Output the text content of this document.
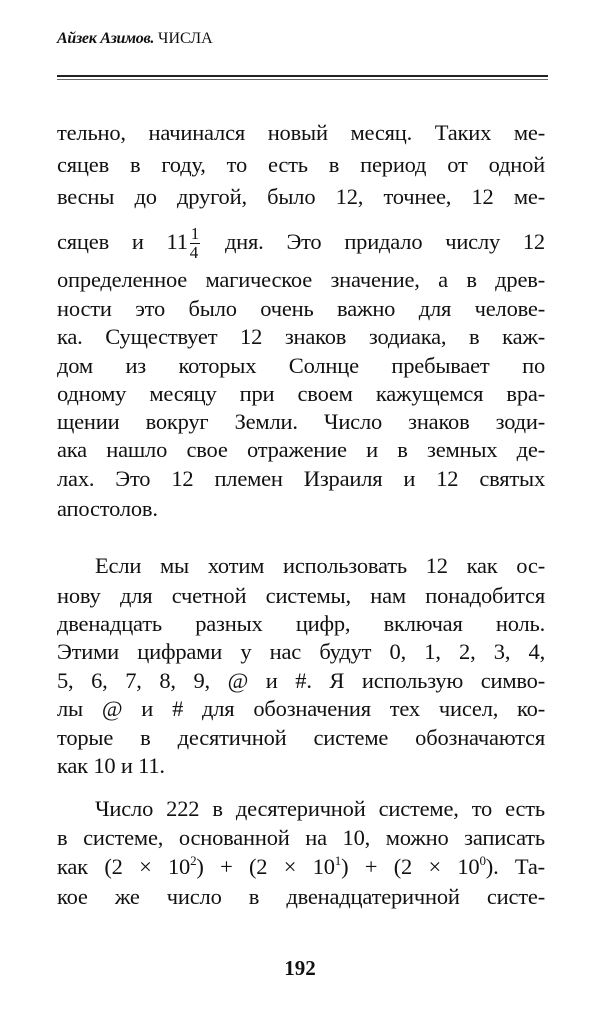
Айзек Азимов. ЧИСЛА
тельно, начинался новый месяц. Таких ме-
сяцев в году, то есть в период от одной
весны до другой, было 12, точнее, 12 ме-
сяцев и $11 \frac{1}{4}$ дня. Это придало числу 12
определенное магическое значение, а в древ-
ности это было очень важно для челове-
ка. Существует 12 знаков зодиака, в каж-
дом из которых Солнце пребывает по
одному месяцу при своем кажущемся вра-
щении вокруг Земли. Число знаков зоди-
ака нашло свое отражение и в земных де-
лах. Это 12 племен Израиля и 12 святых
апостолов.
Если мы хотим использовать 12 как ос-
нову для счетной системы, нам понадобится
двенадцать разных цифр, включая ноль.
Этими цифрами у нас будут 0, 1, 2, 3, 4,
5, 6, 7, 8, 9, @ и #. Я использую симво-
лы @ и # для обозначения тех чисел, ко-
торые в десятичной системе обозначаются
как 10 и 11.
Число 222 в десятеричной системе, то есть
в системе, основанной на 10, можно записать
как $(2 \times 10^2) + (2 \times 10^1) + (2 \times 10^0)$. Та-
кое же число в двенадцатеричной систе-
192
